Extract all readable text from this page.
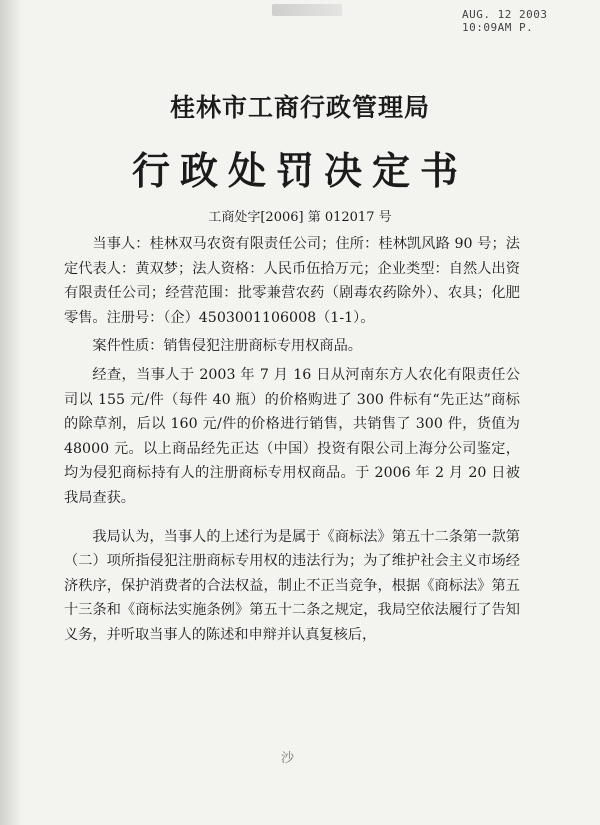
AUG. 12 2003 10:09AM P.
桂林市工商行政管理局
行政处罚决定书
工商处字[2006] 第 012017 号

当事人：桂林双马农资有限责任公司；住所：桂林凯风路 90 号；法定代表人：黄双梦；法人资格：人民币伍拾万元；企业类型：自然人出资有限责任公司；经营范围：批零兼营农药（剧毒农药除外）、农具；化肥零售。注册号：（企）4503001106008（1-1）。

案件性质：销售侵犯注册商标专用权商品。

经查，当事人于 2003 年 7 月 16 日从河南东方人农化有限责任公司以 155 元/件（每件 40 瓶）的价格购进了 300 件标有“先正达”商标的除草剂，后以 160 元/件的价格进行销售，共销售了 300 件，货值为 48000 元。以上商品经先正达（中国）投资有限公司上海分公司鉴定，均为侵犯商标持有人的注册商标专用权商品。于 2006 年 2 月 20 日被我局查获。

我局认为，当事人的上述行为是属于《商标法》第五十二条第一款第（二）项所指侵犯注册商标专用权的违法行为；为了维护社会主义市场经济秩序，保护消费者的合法权益，制止不正当竞争，根据《商标法》第五十三条和《商标法实施条例》第五十二条之规定，我局空依法履行了告知义务，并听取当事人的陈述和申辩并认真复核后，

沙
